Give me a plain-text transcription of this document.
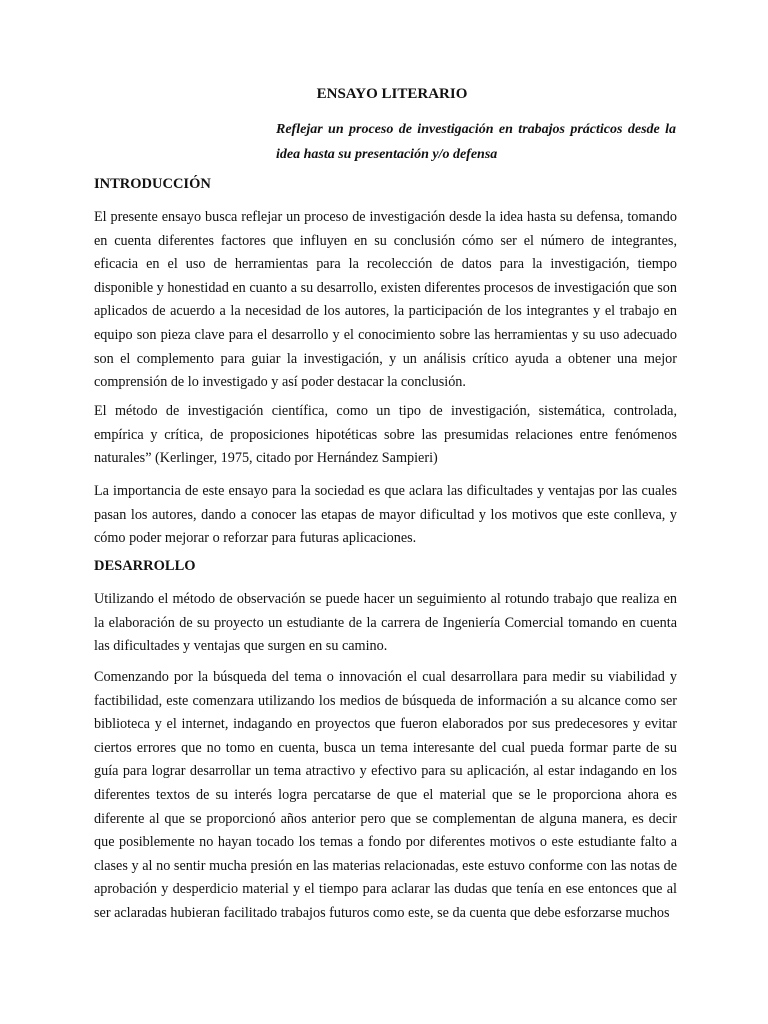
ENSAYO LITERARIO
Reflejar un proceso de investigación en trabajos prácticos desde la idea hasta su presentación y/o defensa
INTRODUCCIÓN

El presente ensayo busca reflejar un proceso de investigación desde la idea hasta su defensa, tomando en cuenta diferentes factores que influyen en su conclusión cómo ser el número de integrantes, eficacia en el uso de herramientas para la recolección de datos para la investigación, tiempo disponible y honestidad en cuanto a su desarrollo, existen diferentes procesos de investigación que son aplicados de acuerdo a la necesidad de los autores, la participación de los integrantes y el trabajo en equipo son pieza clave para el desarrollo y el conocimiento sobre las herramientas y su uso adecuado son el complemento para guiar la investigación, y un análisis crítico ayuda a obtener una mejor comprensión de lo investigado y así poder destacar la conclusión.

El método de investigación científica, como un tipo de investigación, sistemática, controlada, empírica y crítica, de proposiciones hipotéticas sobre las presumidas relaciones entre fenómenos naturales” (Kerlinger, 1975, citado por Hernández Sampieri)

La importancia de este ensayo para la sociedad es que aclara las dificultades y ventajas por las cuales pasan los autores, dando a conocer las etapas de mayor dificultad y los motivos que este conlleva, y cómo poder mejorar o reforzar para futuras aplicaciones.

DESARROLLO

Utilizando el método de observación se puede hacer un seguimiento al rotundo trabajo que realiza en la elaboración de su proyecto un estudiante de la carrera de Ingeniería Comercial tomando en cuenta las dificultades y ventajas que surgen en su camino.

Comenzando por la búsqueda del tema o innovación el cual desarrollara para medir su viabilidad y factibilidad, este comenzara utilizando los medios de búsqueda de información a su alcance como ser biblioteca y el internet, indagando en proyectos que fueron elaborados por sus predecesores y evitar ciertos errores que no tomo en cuenta, busca un tema interesante del cual pueda formar parte de su guía para lograr desarrollar un tema atractivo y efectivo para su aplicación, al estar indagando en los diferentes textos de su interés logra percatarse de que el material que se le proporciona ahora es diferente al que se proporcionó años anterior pero que se complementan de alguna manera, es decir que posiblemente no hayan tocado los temas a fondo por diferentes motivos o este estudiante falto a clases y al no sentir mucha presión en las materias relacionadas, este estuvo conforme con las notas de aprobación y desperdicio material y el tiempo para aclarar las dudas que tenía en ese entonces que al ser aclaradas hubieran facilitado trabajos futuros como este, se da cuenta que debe esforzarse muchos
